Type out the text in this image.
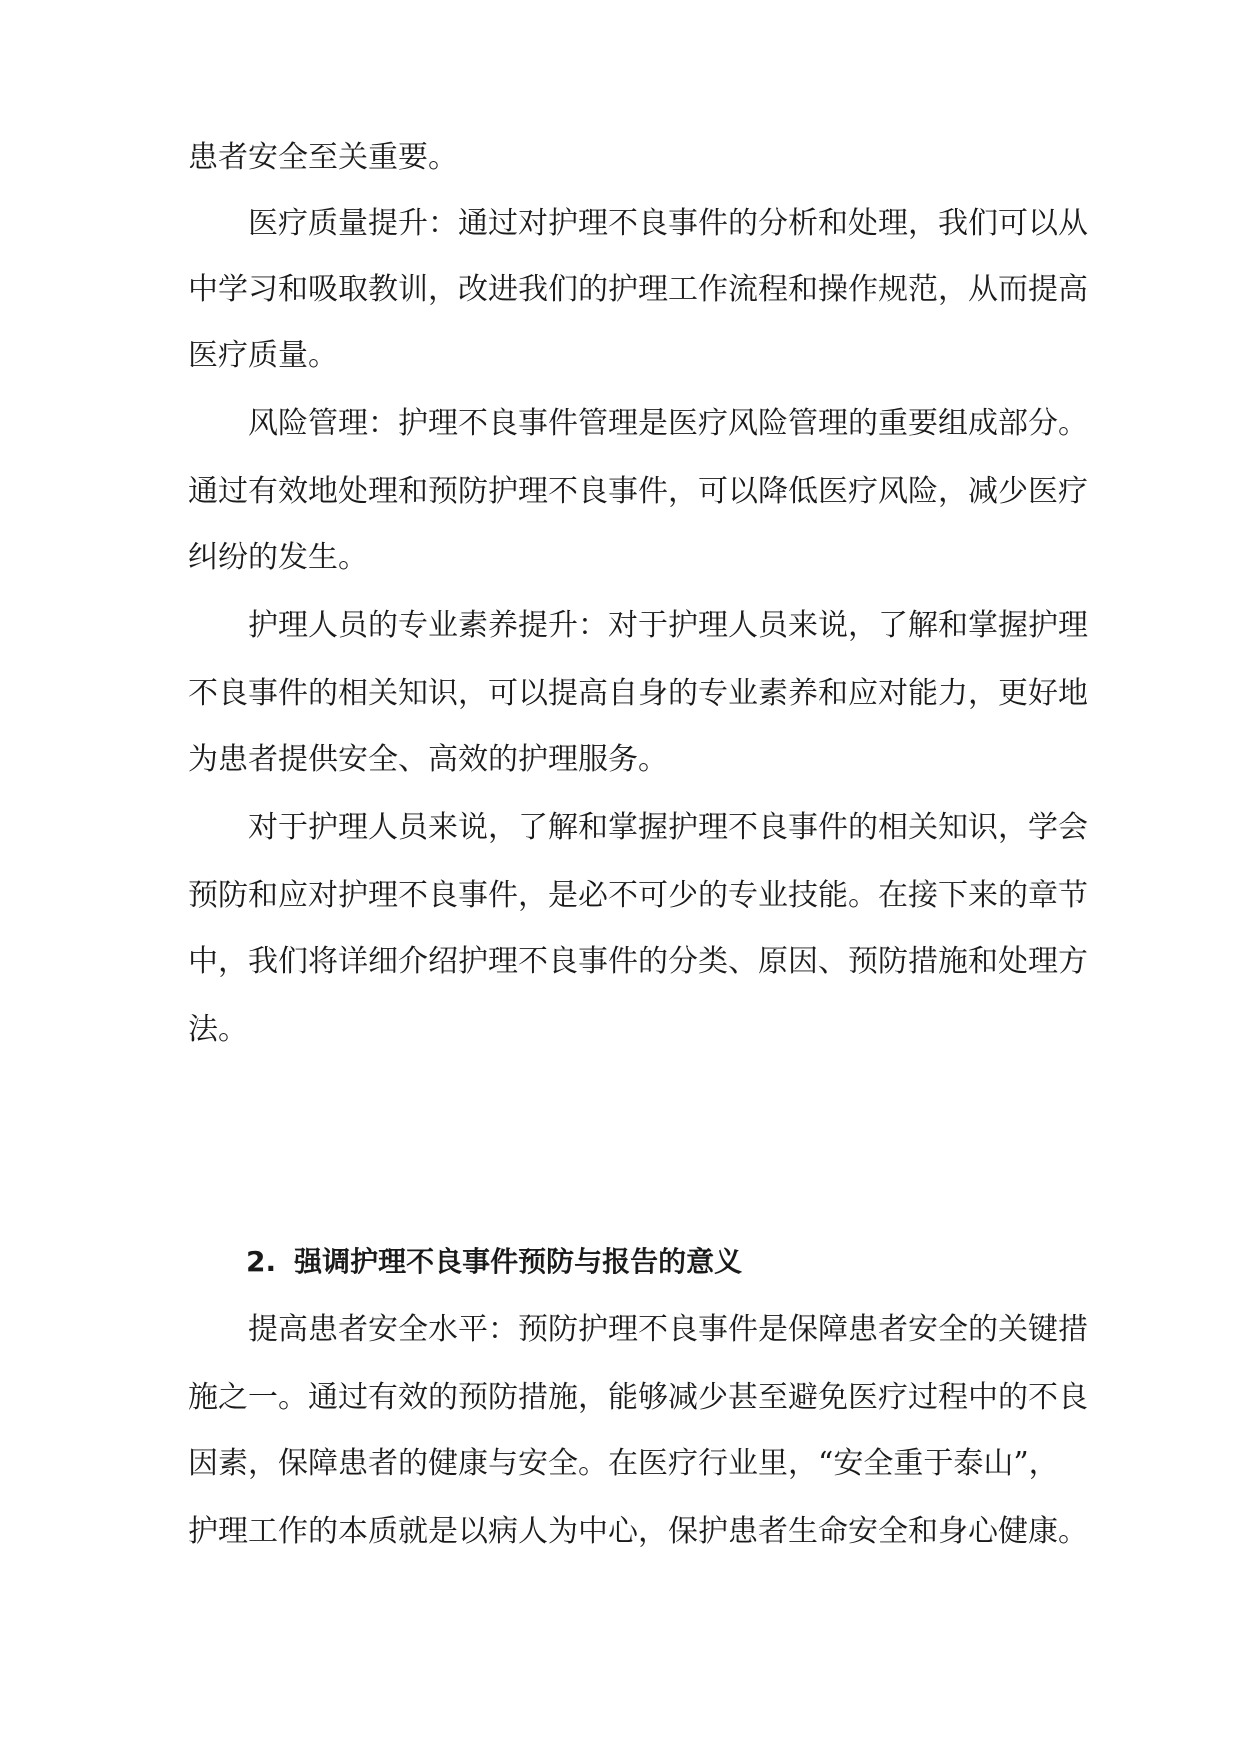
患者安全至关重要。
医疗质量提升：通过对护理不良事件的分析和处理，我们可以从
中学习和吸取教训，改进我们的护理工作流程和操作规范，从而提高
医疗质量。
风险管理：护理不良事件管理是医疗风险管理的重要组成部分。
通过有效地处理和预防护理不良事件，可以降低医疗风险，减少医疗
纠纷的发生。
护理人员的专业素养提升：对于护理人员来说，了解和掌握护理
不良事件的相关知识，可以提高自身的专业素养和应对能力，更好地
为患者提供安全、高效的护理服务。
对于护理人员来说，了解和掌握护理不良事件的相关知识，学会
预防和应对护理不良事件，是必不可少的专业技能。在接下来的章节
中，我们将详细介绍护理不良事件的分类、原因、预防措施和处理方
法。
2. 强调护理不良事件预防与报告的意义
提高患者安全水平：预防护理不良事件是保障患者安全的关键措
施之一。通过有效的预防措施，能够减少甚至避免医疗过程中的不良
因素，保障患者的健康与安全。在医疗行业里，“安全重于泰山”，
护理工作的本质就是以病人为中心，保护患者生命安全和身心健康。
